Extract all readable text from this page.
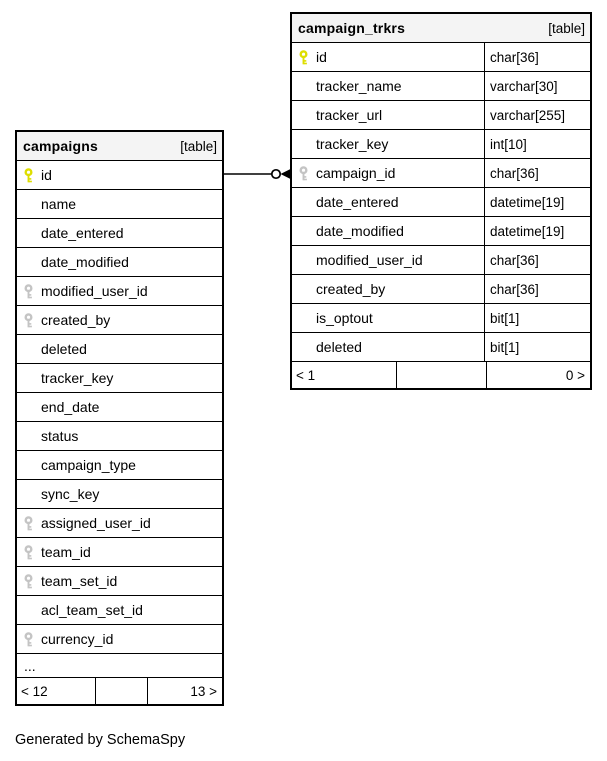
campaign_trkrs	[table]
id	char[36]
tracker_name	varchar[30]
tracker_url	varchar[255]
tracker_key	int[10]
campaign_id	char[36]
date_entered	datetime[19]
date_modified	datetime[19]
modified_user_id	char[36]
created_by	char[36]
is_optout	bit[1]
deleted	bit[1]
< 1	0 >
campaigns	[table]
id
name
date_entered
date_modified
modified_user_id
created_by
deleted
tracker_key
end_date
status
campaign_type
sync_key
assigned_user_id
team_id
team_set_id
acl_team_set_id
currency_id
...
< 12	13 >
Generated by SchemaSpy
